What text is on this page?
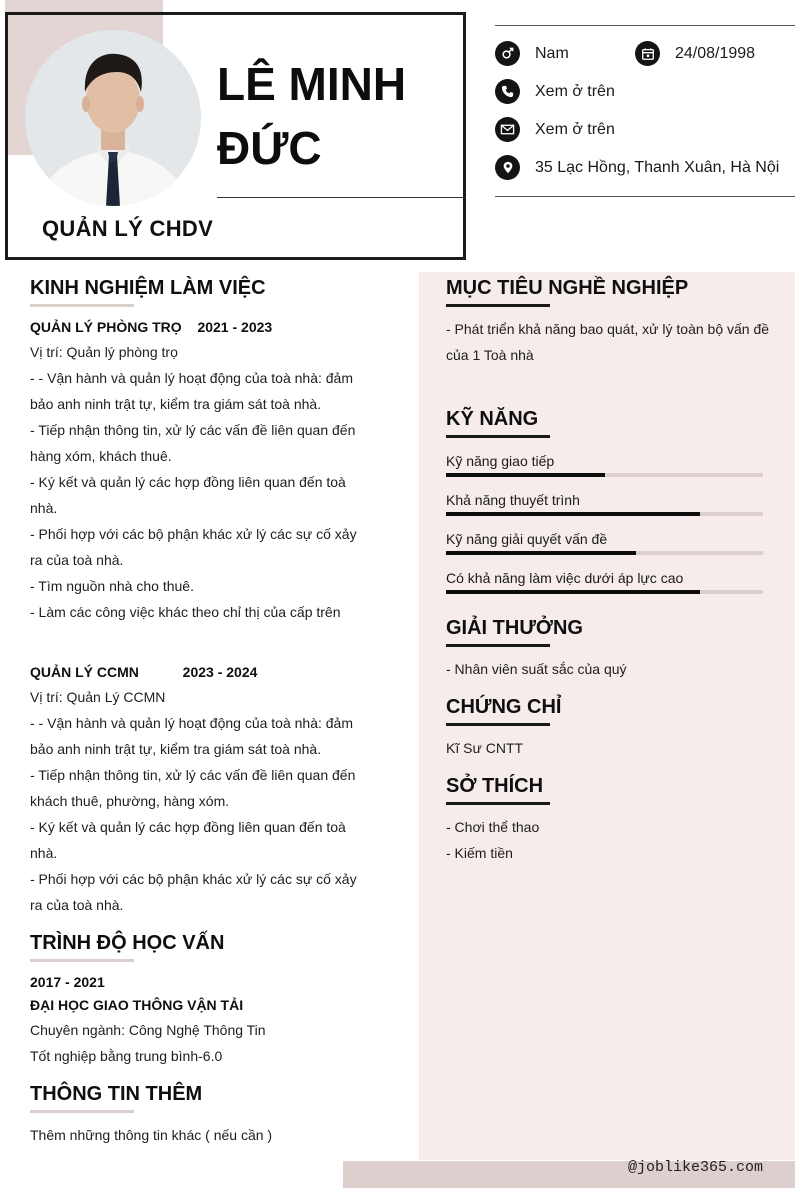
LÊ MINH
ĐỨC
QUẢN LÝ CHDV
Nam	24/08/1998
Xem ở trên
Xem ở trên
35 Lạc Hồng, Thanh Xuân, Hà Nội
KINH NGHIỆM LÀM VIỆC
QUẢN LÝ PHÒNG TRỌ 2021 - 2023
Vị trí: Quản lý phòng trọ
- - Vận hành và quản lý hoạt động của toà nhà: đảm
bảo anh ninh trật tự, kiểm tra giám sát toà nhà.
- Tiếp nhận thông tin, xử lý các vấn đề liên quan đến
hàng xóm, khách thuê.
- Ký kết và quản lý các hợp đồng liên quan đến toà
nhà.
- Phối hợp với các bộ phận khác xử lý các sự cố xảy
ra của toà nhà.
- Tìm nguồn nhà cho thuê.
- Làm các công việc khác theo chỉ thị của cấp trên
QUẢN LÝ CCMN	2023 - 2024
Vị trí: Quản Lý CCMN
- - Vận hành và quản lý hoạt động của toà nhà: đảm
bảo anh ninh trật tự, kiểm tra giám sát toà nhà.
- Tiếp nhận thông tin, xử lý các vấn đề liên quan đến
khách thuê, phường, hàng xóm.
- Ký kết và quản lý các hợp đồng liên quan đến toà
nhà.
- Phối hợp với các bộ phận khác xử lý các sự cố xảy
ra của toà nhà.
TRÌNH ĐỘ HỌC VẤN
2017 - 2021
ĐẠI HỌC GIAO THÔNG VẬN TẢI
Chuyên ngành: Công Nghệ Thông Tin
Tốt nghiệp bằng trung bình-6.0
THÔNG TIN THÊM
Thêm những thông tin khác ( nếu cần )
MỤC TIÊU NGHỀ NGHIỆP
- Phát triển khả năng bao quát, xử lý toàn bộ vấn đề
của 1 Toà nhà
KỸ NĂNG
Kỹ năng giao tiếp
Khả năng thuyết trình
Kỹ năng giải quyết vấn đề
Có khả năng làm việc dưới áp lực cao
GIẢI THƯỞNG
- Nhân viên suất sắc của quý
CHỨNG CHỈ
Kĩ Sư CNTT
SỞ THÍCH
- Chơi thể thao
- Kiếm tiền
@joblike365.com
